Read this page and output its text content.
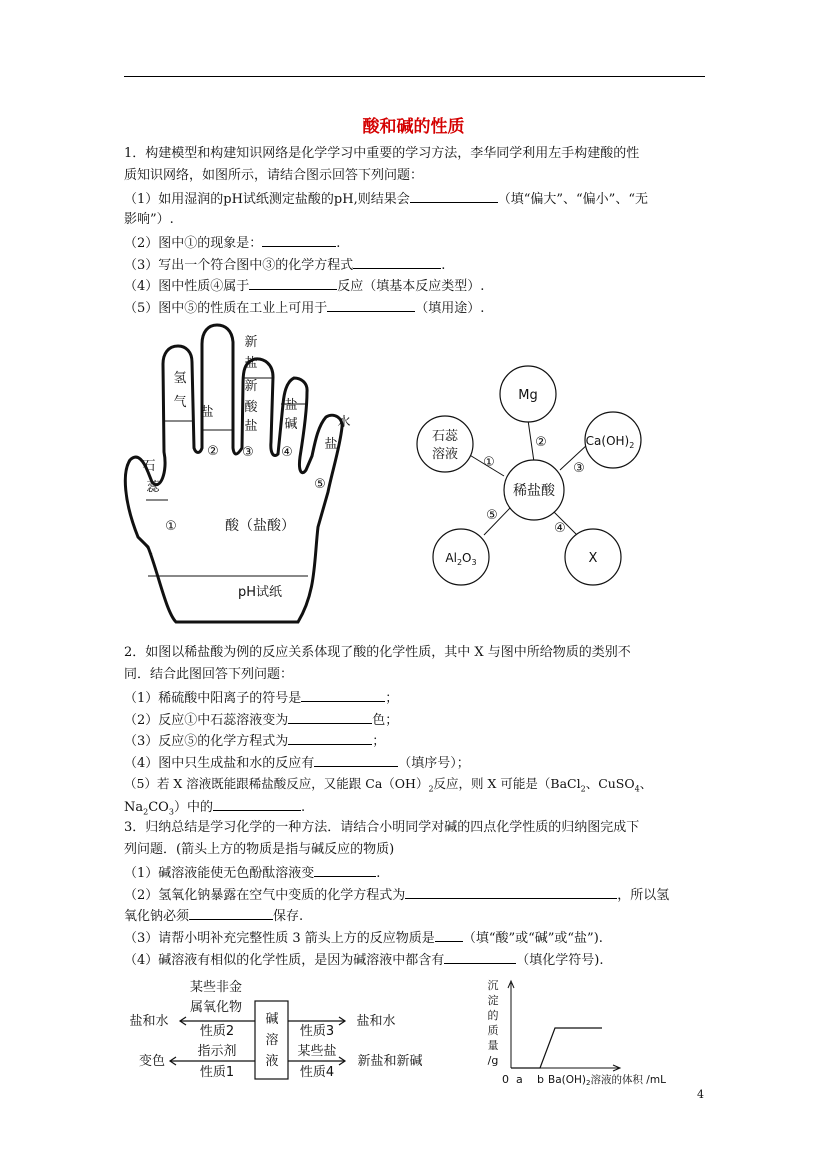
酸和碱的性质
1．构建模型和构建知识网络是化学学习中重要的学习方法，李华同学利用左手构建酸的性
质知识网络，如图所示，请结合图示回答下列问题：
（1）如用湿润的pH试纸测定盐酸的pH,则结果会	（填“偏大”、“偏小”、“无
影响”）.
（2）图中①的现象是：	.
（3）写出一个符合图中③的化学方程式	.
（4）图中性质④属于	反应（填基本反应类型）.
（5）图中⑤的性质在工业上可用于	（填用途）.
氢
气
盐
新
盐
新
酸
盐
盐
碱	水
盐
石
蕊
①
② ③ ④
⑤
酸（盐酸）
pH试纸
Mg
石蕊
溶液
$Ca(OH)_2$
稀盐酸
$Al_2O_3$	X
①
②
③
④
⑤
2．如图以稀盐酸为例的反应关系体现了酸的化学性质，其中 X 与图中所给物质的类别不
同．结合此图回答下列问题：
（1）稀硫酸中阳离子的符号是	；
（2）反应①中石蕊溶液变为	色；
（3）反应⑤的化学方程式为	；
（4）图中只生成盐和水的反应有	（填序号）；
（5）若 X 溶液既能跟稀盐酸反应，又能跟 $Ca(OH)_2$反应，则 X 可能是（BaCl$_2$、CuSO$_4$、
$Na_2CO_3$）中的	.
3．归纳总结是学习化学的一种方法．请结合小明同学对碱的四点化学性质的归纳图完成下
列问题．(箭头上方的物质是指与碱反应的物质)
（1）碱溶液能使无色酚酞溶液变	.
（2）氢氧化钠暴露在空气中变质的化学方程式为	，所以氢
氧化钠必须	保存.
（3）请帮小明补充完整性质 3 箭头上方的反应物质是 （填“酸”或“碱”或“盐”).
（4）碱溶液有相似的化学性质，是因为碱溶液中都含有	（填化学符号).
碱
溶
液
某些非金
属氧化物
性质2
指示剂
性质1
盐和水
变色
性质3
某些盐
性质4
盐和水
新盐和新碱
沉
淀
的
质
量
/g
0 a b Ba(OH)2溶液的体积 /mL
4
